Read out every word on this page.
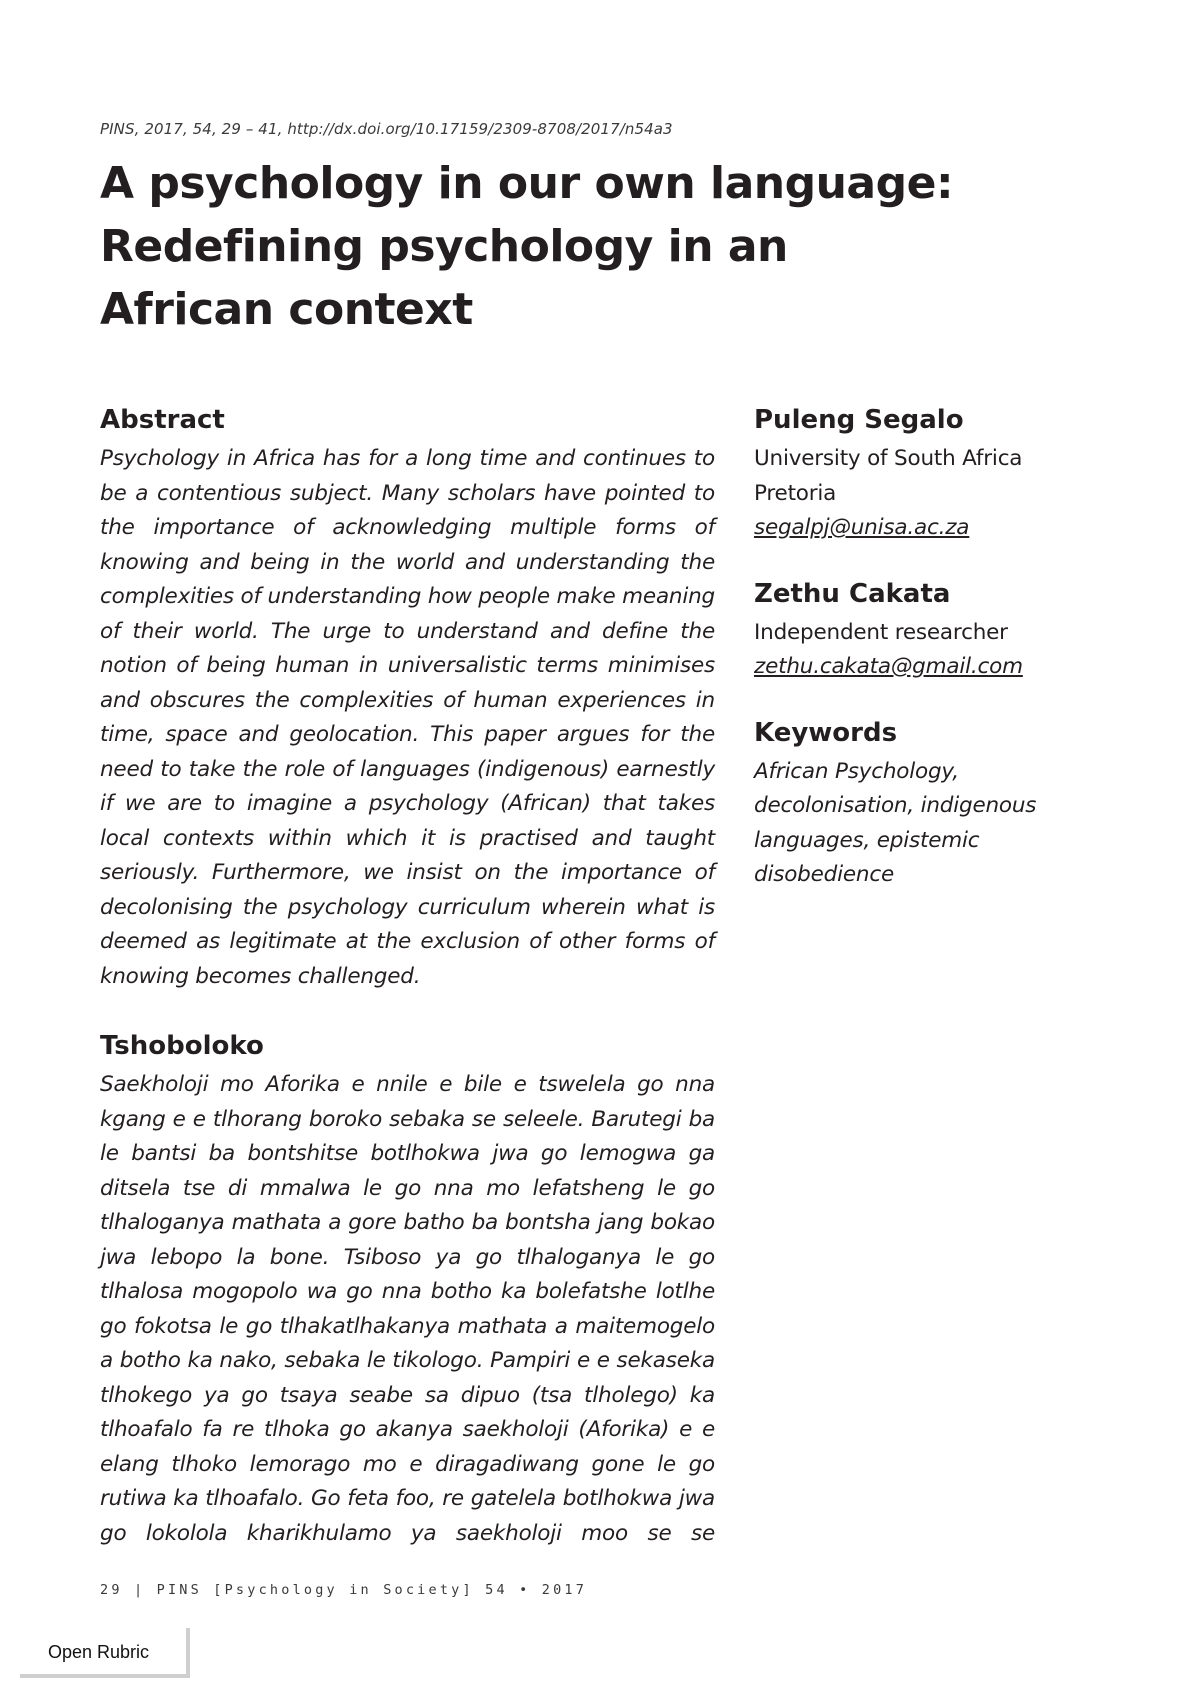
PINS, 2017, 54, 29 – 41, http://dx.doi.org/10.17159/2309-8708/2017/n54a3
A psychology in our own language: Redefining psychology in an African context
Abstract

Psychology in Africa has for a long time and continues to be a contentious subject. Many scholars have pointed to the importance of acknowledging multiple forms of knowing and being in the world and understanding the complexities of understanding how people make meaning of their world. The urge to understand and define the notion of being human in universalistic terms minimises and obscures the complexities of human experiences in time, space and geolocation. This paper argues for the need to take the role of languages (indigenous) earnestly if we are to imagine a psychology (African) that takes local contexts within which it is practised and taught seriously. Furthermore, we insist on the importance of decolonising the psychology curriculum wherein what is deemed as legitimate at the exclusion of other forms of knowing becomes challenged.

Tshoboloko

Saekholoji mo Aforika e nnile e bile e tswelela go nna kgang e e tlhorang boroko sebaka se seleele. Barutegi ba le bantsi ba bontshitse botlhokwa jwa go lemogwa ga ditsela tse di mmalwa le go nna mo lefatsheng le go tlhaloganya mathata a gore batho ba bontsha jang bokao jwa lebopo la bone. Tsiboso ya go tlhaloganya le go tlhalosa mogopolo wa go nna botho ka bolefatshe lotlhe go fokotsa le go tlhakatlhakanya mathata a maitemogelo a botho ka nako, sebaka le tikologo. Pampiri e e sekaseka tlhokego ya go tsaya seabe sa dipuo (tsa tlholego) ka tlhoafalo fa re tlhoka go akanya saekholoji (Aforika) e e elang tlhoko lemorago mo e diragadiwang gone le go rutiwa ka tlhoafalo. Go feta foo, re gatelela botlhokwa jwa go lokolola kharikhulamo ya saekholoji moo se se

Puleng Segalo
University of South Africa
Pretoria
segalpj@unisa.ac.za
Zethu Cakata
Independent researcher
zethu.cakata@gmail.com
Keywords

African Psychology, decolonisation, indigenous languages, epistemic disobedience

29 | PINS [Psychology in Society] 54 • 2017
Open Rubric
